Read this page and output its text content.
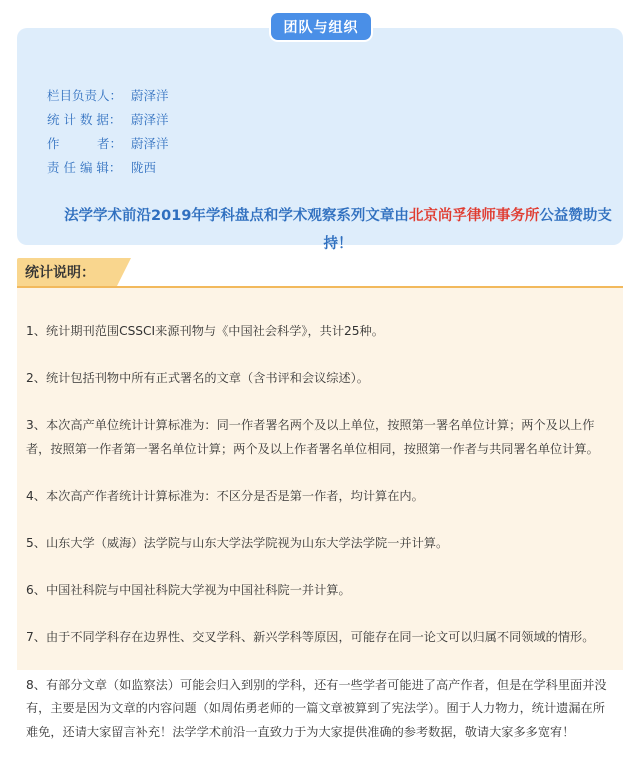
栏目负责人： 蔚泽洋
统 计 数 据： 蔚泽洋
作　　　者： 蔚泽洋
责 任 编 辑： 陇西
法学学术前沿2019年学科盘点和学术观察系列文章由北京尚孚律师事务所公益赞助支持！
团队与组织
统计说明：

1、统计期刊范围CSSCI来源刊物与《中国社会科学》，共计25种。

2、统计包括刊物中所有正式署名的文章（含书评和会议综述）。

3、本次高产单位统计计算标准为：同一作者署名两个及以上单位，按照第一署名单位计算；两个及以上作者，按照第一作者第一署名单位计算；两个及以上作者署名单位相同，按照第一作者与共同署名单位计算。

4、本次高产作者统计计算标准为：不区分是否是第一作者，均计算在内。

5、山东大学（威海）法学院与山东大学法学院视为山东大学法学院一并计算。

6、中国社科院与中国社科院大学视为中国社科院一并计算。

7、由于不同学科存在边界性、交叉学科、新兴学科等原因，可能存在同一论文可以归属不同领域的情形。

8、有部分文章（如监察法）可能会归入到别的学科，还有一些学者可能进了高产作者，但是在学科里面并没有，主要是因为文章的内容问题（如周佑勇老师的一篇文章被算到了宪法学）。囿于人力物力，统计遗漏在所难免，还请大家留言补充！法学学术前沿一直致力于为大家提供准确的参考数据，敬请大家多多宽宥！
